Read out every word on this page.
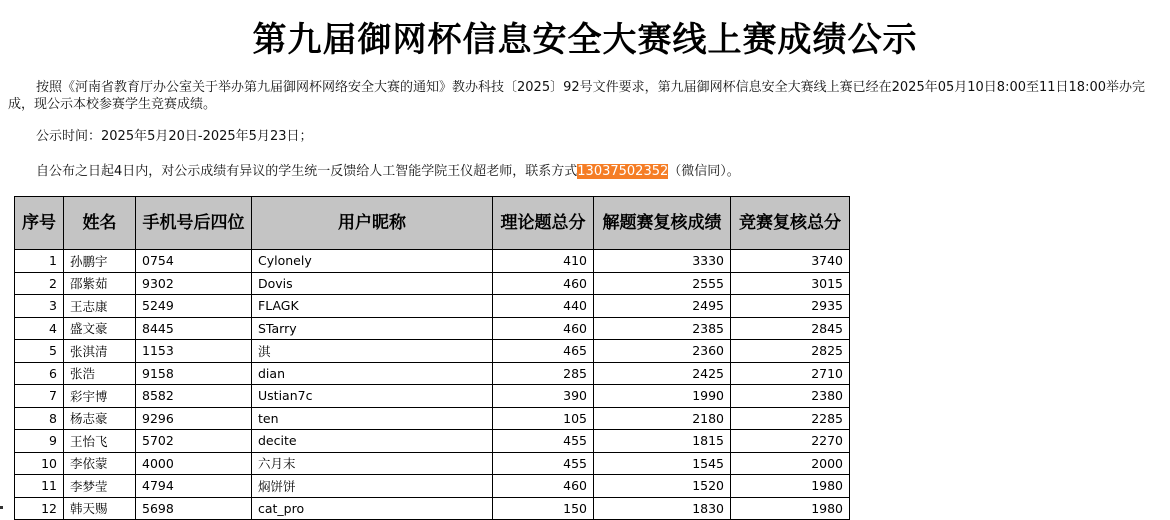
第九届御网杯信息安全大赛线上赛成绩公示
按照《河南省教育厅办公室关于举办第九届御网杯网络安全大赛的通知》教办科技〔2025〕92号文件要求，第九届御网杯信息安全大赛线上赛已经在2025年05月10日8:00至11日18:00举办完成，现公示本校参赛学生竞赛成绩。
公示时间：2025年5月20日-2025年5月23日；
自公布之日起4日内，对公示成绩有异议的学生统一反馈给人工智能学院王仪超老师，联系方式13037502352（微信同）。
序号	姓名	手机号后四位	用户昵称	理论题总分	解题赛复核成绩	竞赛复核总分
1	孙鹏宇	0754	Cylonely	410	3330	3740
2	邵紫茹	9302	Dovis	460	2555	3015
3	王志康	5249	FLAGK	440	2495	2935
4	盛文豪	8445	STarry	460	2385	2845
5	张淇清	1153	淇	465	2360	2825
6	张浩	9158	dian	285	2425	2710
7	彩宇博	8582	Ustian7c	390	1990	2380
8	杨志豪	9296	ten	105	2180	2285
9	王怡飞	5702	decite	455	1815	2270
10	李依蒙	4000	六月末	455	1545	2000
11	李梦莹	4794	焖饼饼	460	1520	1980
12	韩天赐	5698	cat_pro	150	1830	1980
